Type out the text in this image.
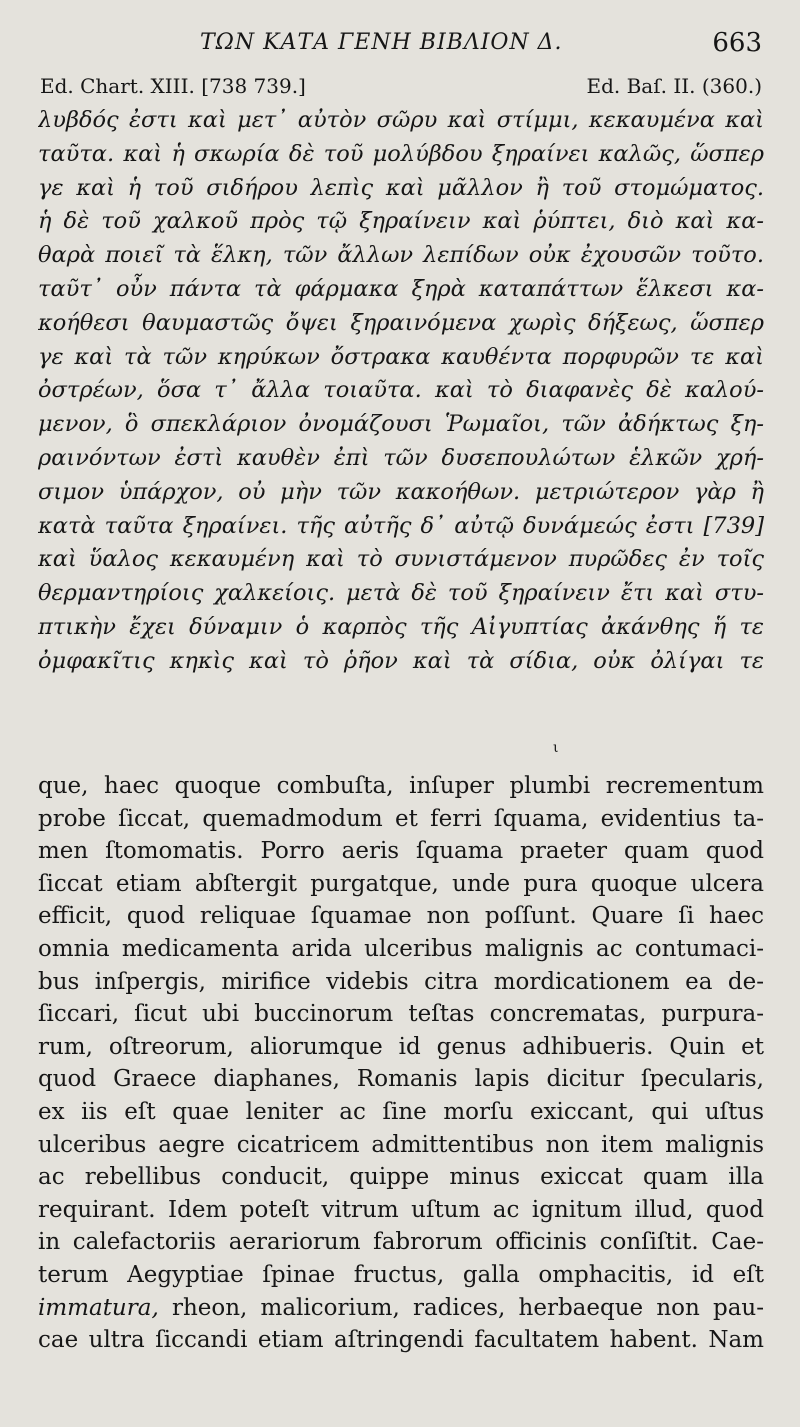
ΤΩΝ ΚΑΤΑ ΓΕΝΗ ΒΙΒΛΙΟΝ Δ.	663
Ed. Chart. XIII. [738 739.]	Ed. Baſ. II. (360.)
λυβδός ἐστι καὶ μετ᾽ αὐτὸν σῶρυ καὶ στίμμι, κεκαυμένα καὶ
ταῦτα. καὶ ἡ σκωρία δὲ τοῦ μολύβδου ξηραίνει καλῶς, ὥσπερ
γε καὶ ἡ τοῦ σιδήρου λεπὶς καὶ μᾶλλον ἢ τοῦ στομώματος.
ἡ δὲ τοῦ χαλκοῦ πρὸς τῷ ξηραίνειν καὶ ῥύπτει, διὸ καὶ κα-
θαρὰ ποιεῖ τὰ ἕλκη, τῶν ἄλλων λεπίδων οὐκ ἐχουσῶν τοῦτο.
ταῦτ᾽ οὖν πάντα τὰ φάρμακα ξηρὰ καταπάττων ἕλκεσι κα-
κοήθεσι θαυμαστῶς ὄψει ξηραινόμενα χωρὶς δήξεως, ὥσπερ
γε καὶ τὰ τῶν κηρύκων ὄστρακα καυθέντα πορφυρῶν τε καὶ
ὀστρέων, ὅσα τ᾽ ἄλλα τοιαῦτα. καὶ τὸ διαφανὲς δὲ καλού-
μενον, ὃ σπεκλάριον ὀνομάζουσι Ῥωμαῖοι, τῶν ἀδήκτως ξη-
ραινόντων ἐστὶ καυθὲν ἐπὶ τῶν δυσεπουλώτων ἑλκῶν χρή-
σιμον ὑπάρχον, οὐ μὴν τῶν κακοήθων. μετριώτερον γὰρ ἢ
κατὰ ταῦτα ξηραίνει. τῆς αὐτῆς δ᾽ αὐτῷ δυνάμεώς ἐστι [739]
καὶ ὕαλος κεκαυμένη καὶ τὸ συνιστάμενον πυρῶδες ἐν τοῖς
θερμαντηρίοις χαλκείοις. μετὰ δὲ τοῦ ξηραίνειν ἔτι καὶ στυ-
πτικὴν ἔχει δύναμιν ὁ καρπὸς τῆς Αἰγυπτίας ἀκάνθης ἥ τε
ὀμφακῖτις κηκὶς καὶ τὸ ῥῆον καὶ τὰ σίδια, οὐκ ὀλίγαι τε
ι
que, haec quoque combuſta, inſuper plumbi recrementum
probe ſiccat, quemadmodum et ferri ſquama, evidentius ta-
men ſtomomatis. Porro aeris ſquama praeter quam quod
ſiccat etiam abſtergit purgatque, unde pura quoque ulcera
efficit, quod reliquae ſquamae non poſſunt. Quare ſi haec
omnia medicamenta arida ulceribus malignis ac contumaci-
bus inſpergis, mirifice videbis citra mordicationem ea de-
ſiccari, ſicut ubi buccinorum teſtas concrematas, purpura-
rum, oſtreorum, aliorumque id genus adhibueris. Quin et
quod Graece diaphanes, Romanis lapis dicitur ſpecularis,
ex iis eſt quae leniter ac ſine morſu exiccant, qui uſtus
ulceribus aegre cicatricem admittentibus non item malignis
ac rebellibus conducit, quippe minus exiccat quam illa
requirant. Idem poteſt vitrum uſtum ac ignitum illud, quod
in calefactoriis aerariorum fabrorum officinis conſiſtit. Cae-
terum Aegyptiae ſpinae fructus, galla omphacitis, id eſt
immatura, rheon, malicorium, radices, herbaeque non pau-
cae ultra ſiccandi etiam aſtringendi facultatem habent. Nam
